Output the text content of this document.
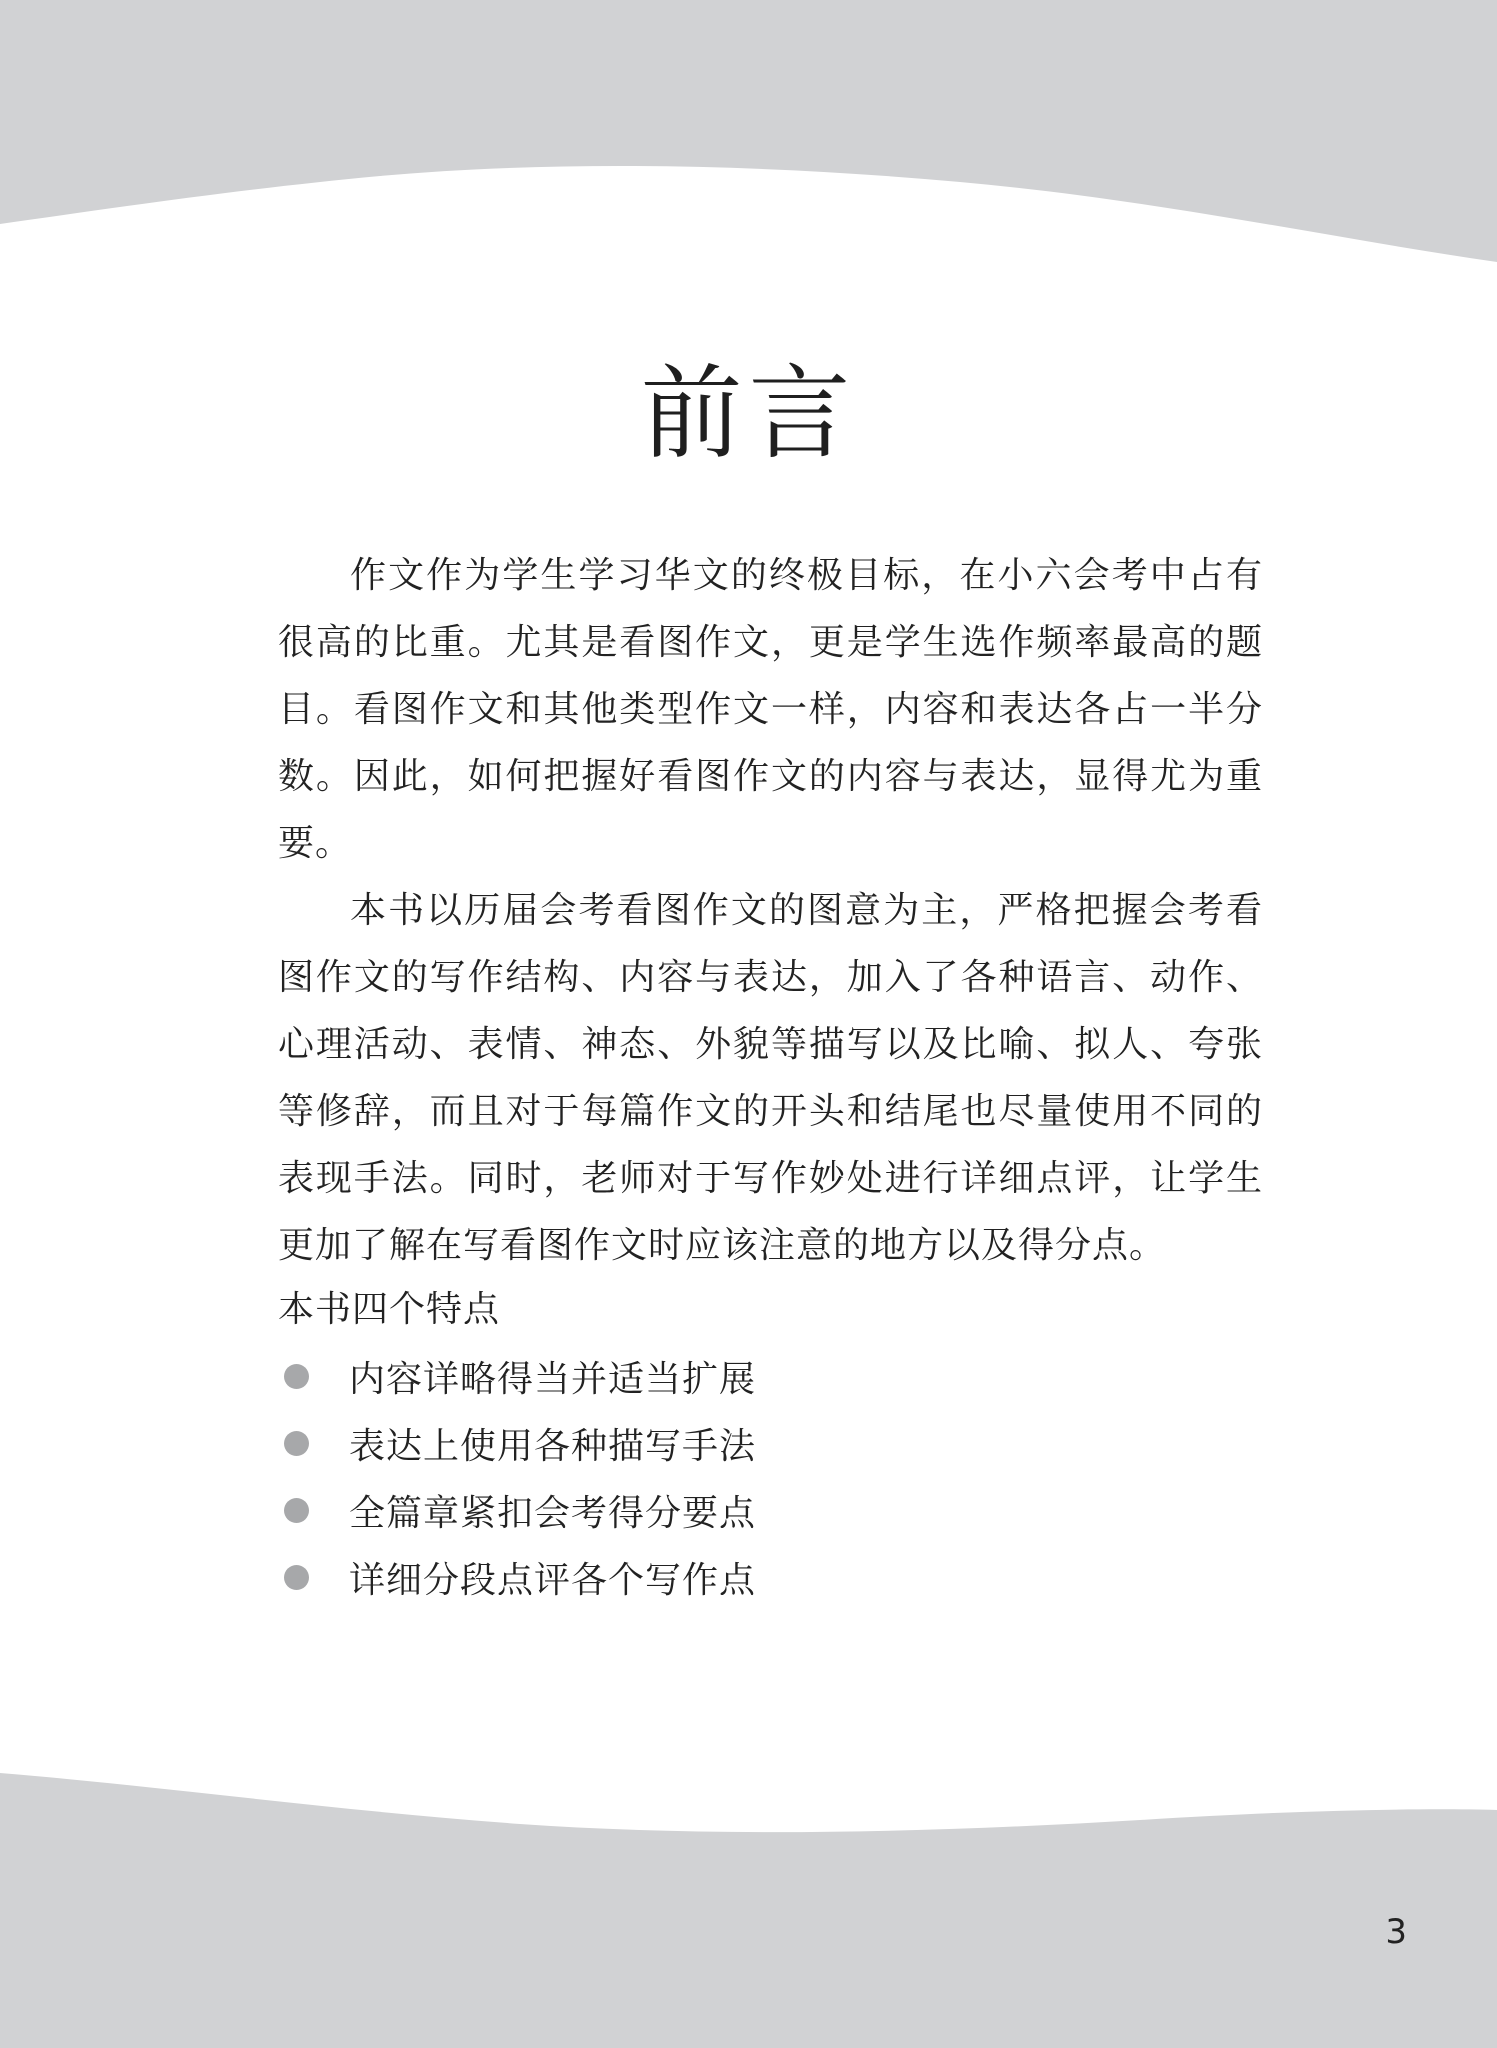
前言

作文作为学生学习华文的终极目标，在小六会考中占有很高的比重。尤其是看图作文，更是学生选作频率最高的题目。看图作文和其他类型作文一样，内容和表达各占一半分数。因此，如何把握好看图作文的内容与表达，显得尤为重要。

本书以历届会考看图作文的图意为主，严格把握会考看图作文的写作结构、内容与表达，加入了各种语言、动作、心理活动、表情、神态、外貌等描写以及比喻、拟人、夸张等修辞，而且对于每篇作文的开头和结尾也尽量使用不同的表现手法。同时，老师对于写作妙处进行详细点评，让学生更加了解在写看图作文时应该注意的地方以及得分点。

本书四个特点
内容详略得当并适当扩展
表达上使用各种描写手法
全篇章紧扣会考得分要点
详细分段点评各个写作点
3
